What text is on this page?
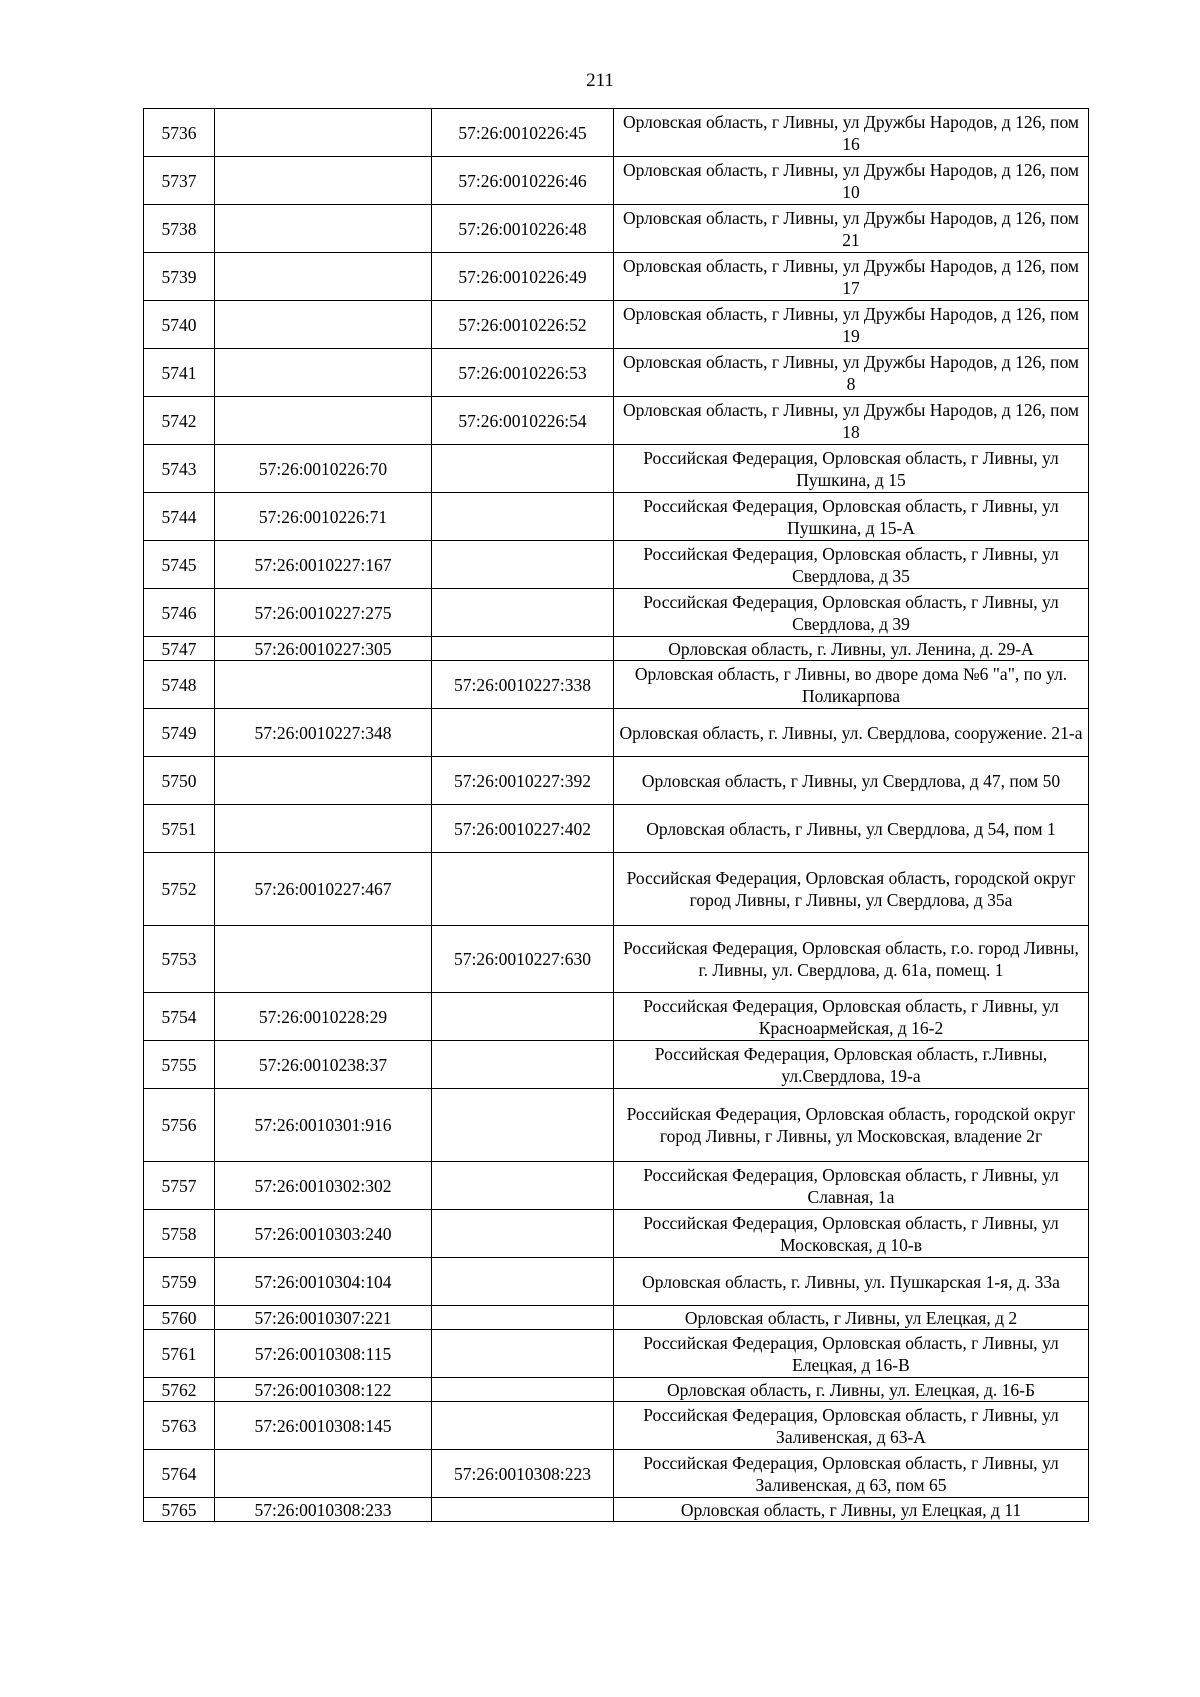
211
5736		57:26:0010226:45	Орловская область, г Ливны, ул Дружбы Народов, д 126, пом 16
5737		57:26:0010226:46	Орловская область, г Ливны, ул Дружбы Народов, д 126, пом 10
5738		57:26:0010226:48	Орловская область, г Ливны, ул Дружбы Народов, д 126, пом 21
5739		57:26:0010226:49	Орловская область, г Ливны, ул Дружбы Народов, д 126, пом 17
5740		57:26:0010226:52	Орловская область, г Ливны, ул Дружбы Народов, д 126, пом 19
5741		57:26:0010226:53	Орловская область, г Ливны, ул Дружбы Народов, д 126, пом 8
5742		57:26:0010226:54	Орловская область, г Ливны, ул Дружбы Народов, д 126, пом 18
5743	57:26:0010226:70		Российская Федерация, Орловская область, г Ливны, ул Пушкина, д 15
5744	57:26:0010226:71		Российская Федерация, Орловская область, г Ливны, ул Пушкина, д 15-А
5745	57:26:0010227:167		Российская Федерация, Орловская область, г Ливны, ул Свердлова, д 35
5746	57:26:0010227:275		Российская Федерация, Орловская область, г Ливны, ул Свердлова, д 39
5747	57:26:0010227:305		Орловская область, г. Ливны, ул. Ленина, д. 29-А
5748		57:26:0010227:338	Орловская область, г Ливны, во дворе дома №6 "а", по ул. Поликарпова
5749	57:26:0010227:348		Орловская область, г. Ливны, ул. Свердлова, сооружение. 21-а
5750		57:26:0010227:392	Орловская область, г Ливны, ул Свердлова, д 47, пом 50
5751		57:26:0010227:402	Орловская область, г Ливны, ул Свердлова, д 54, пом 1
5752	57:26:0010227:467		Российская Федерация, Орловская область, городской округ город Ливны, г Ливны, ул Свердлова, д 35а
5753		57:26:0010227:630	Российская Федерация, Орловская область, г.о. город Ливны, г. Ливны, ул. Свердлова, д. 61а, помещ. 1
5754	57:26:0010228:29		Российская Федерация, Орловская область, г Ливны, ул Красноармейская, д 16-2
5755	57:26:0010238:37		Российская Федерация, Орловская область, г.Ливны, ул.Свердлова, 19-а
5756	57:26:0010301:916		Российская Федерация, Орловская область, городской округ город Ливны, г Ливны, ул Московская, владение 2г
5757	57:26:0010302:302		Российская Федерация, Орловская область, г Ливны, ул Славная, 1а
5758	57:26:0010303:240		Российская Федерация, Орловская область, г Ливны, ул Московская, д 10-в
5759	57:26:0010304:104		Орловская область, г. Ливны, ул. Пушкарская 1-я, д. 33а
5760	57:26:0010307:221		Орловская область, г Ливны, ул Елецкая, д 2
5761	57:26:0010308:115		Российская Федерация, Орловская область, г Ливны, ул Елецкая, д 16-В
5762	57:26:0010308:122		Орловская область, г. Ливны, ул. Елецкая, д. 16-Б
5763	57:26:0010308:145		Российская Федерация, Орловская область, г Ливны, ул Заливенская, д 63-А
5764		57:26:0010308:223	Российская Федерация, Орловская область, г Ливны, ул Заливенская, д 63, пом 65
5765	57:26:0010308:233		Орловская область, г Ливны, ул Елецкая, д 11
